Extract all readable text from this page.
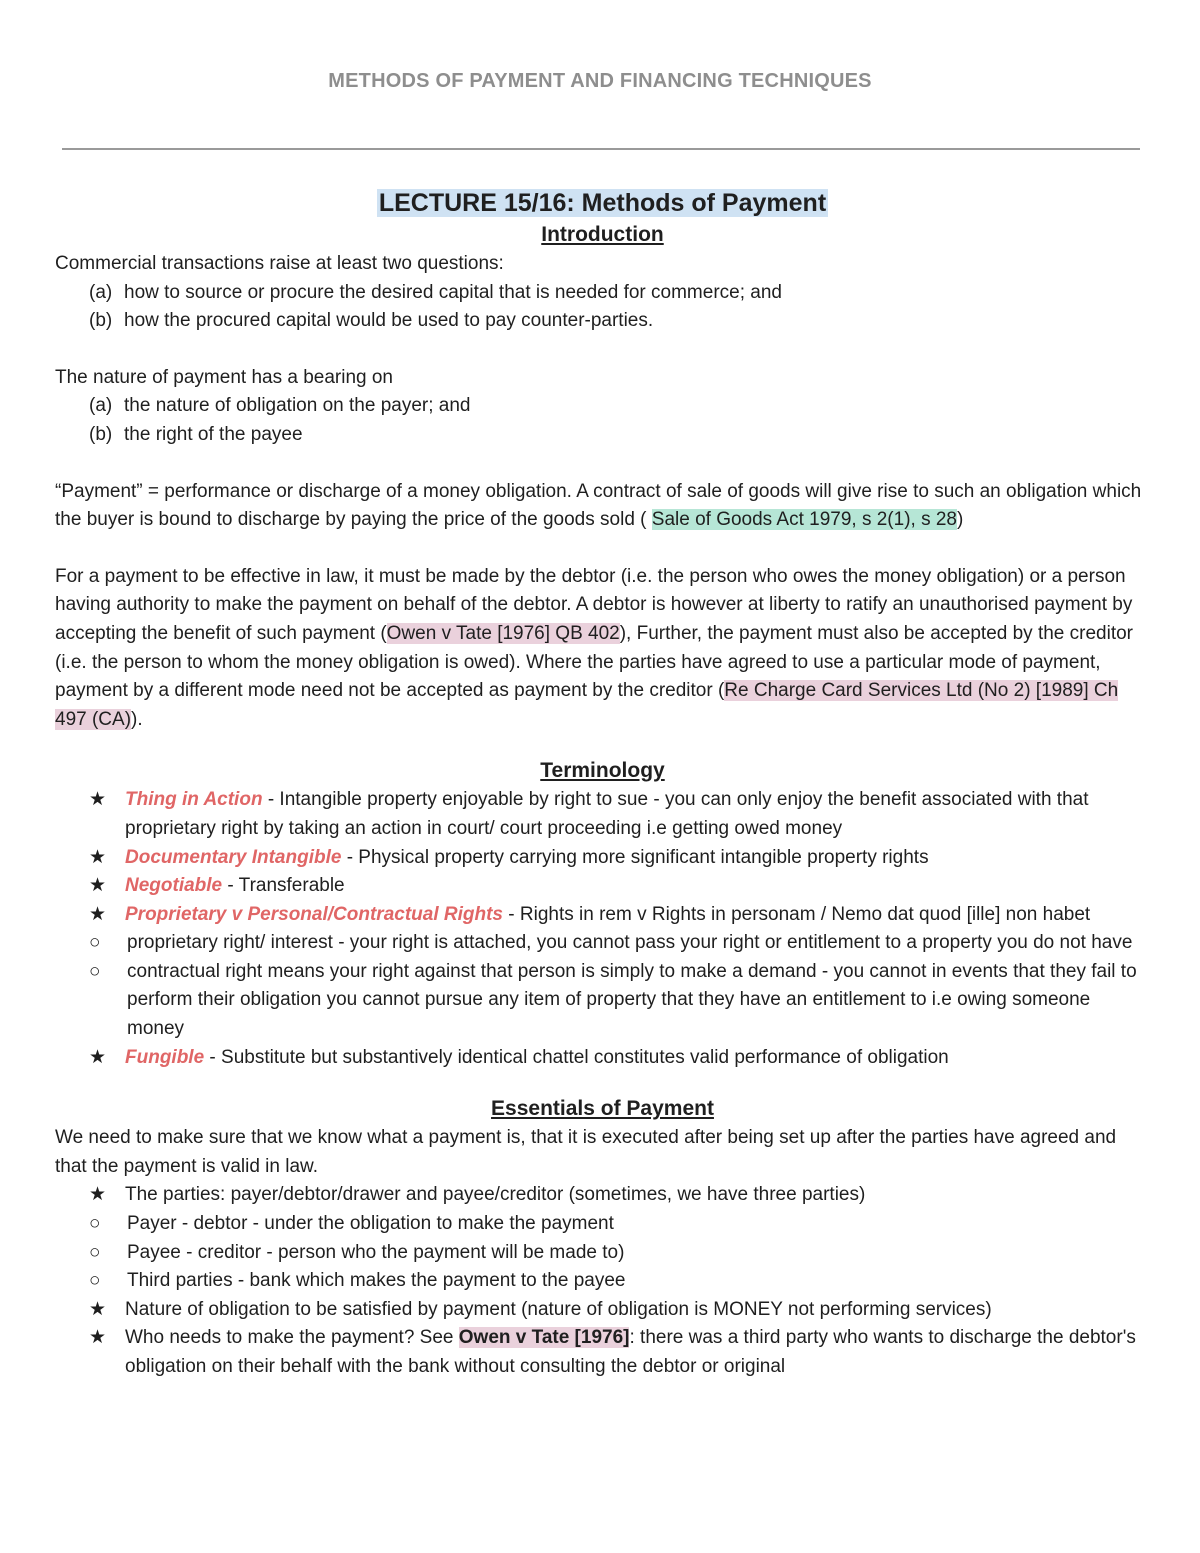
METHODS OF PAYMENT AND FINANCING TECHNIQUES
LECTURE 15/16: Methods of Payment
Introduction

Commercial transactions raise at least two questions:

(a) how to source or procure the desired capital that is needed for commerce; and
(b) how the procured capital would be used to pay counter-parties.

The nature of payment has a bearing on

(a) the nature of obligation on the payer; and
(b) the right of the payee

“Payment” = performance or discharge of a money obligation. A contract of sale of goods will give rise to such an obligation which the buyer is bound to discharge by paying the price of the goods sold ( Sale of Goods Act 1979, s 2(1), s 28)

For a payment to be effective in law, it must be made by the debtor (i.e. the person who owes the money obligation) or a person having authority to make the payment on behalf of the debtor. A debtor is however at liberty to ratify an unauthorised payment by accepting the benefit of such payment (Owen v Tate [1976] QB 402), Further, the payment must also be accepted by the creditor (i.e. the person to whom the money obligation is owed). Where the parties have agreed to use a particular mode of payment, payment by a different mode need not be accepted as payment by the creditor (Re Charge Card Services Ltd (No 2) [1989] Ch 497 (CA)).

Terminology
★ Thing in Action - Intangible property enjoyable by right to sue - you can only enjoy the benefit associated with that proprietary right by taking an action in court/ court proceeding i.e getting owed money
★ Documentary Intangible - Physical property carrying more significant intangible property rights
★ Negotiable - Transferable
★ Proprietary v Personal/Contractual Rights - Rights in rem v Rights in personam / Nemo dat quod [ille] non habet
○ proprietary right/ interest - your right is attached, you cannot pass your right or entitlement to a property you do not have
○ contractual right means your right against that person is simply to make a demand - you cannot in events that they fail to perform their obligation you cannot pursue any item of property that they have an entitlement to i.e owing someone money
★ Fungible - Substitute but substantively identical chattel constitutes valid performance of obligation
Essentials of Payment

We need to make sure that we know what a payment is, that it is executed after being set up after the parties have agreed and that the payment is valid in law.

★ The parties: payer/debtor/drawer and payee/creditor (sometimes, we have three parties)
○ Payer - debtor - under the obligation to make the payment
○ Payee - creditor - person who the payment will be made to)
○ Third parties - bank which makes the payment to the payee
★ Nature of obligation to be satisfied by payment (nature of obligation is MONEY not performing services)
★ Who needs to make the payment? See Owen v Tate [1976]: there was a third party who wants to discharge the debtor's obligation on their behalf with the bank without consulting the debtor or original
